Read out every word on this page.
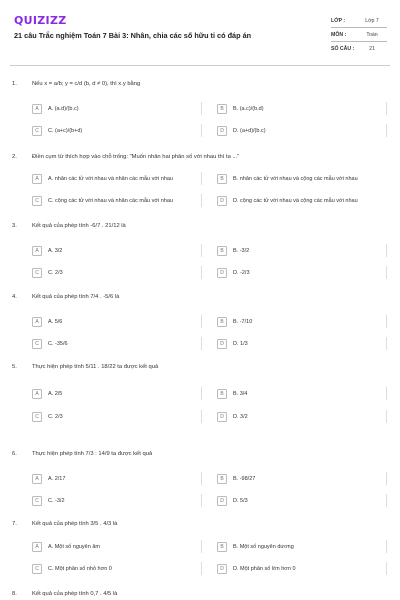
QUIZIZZ
21 câu Trắc nghiệm Toán 7 Bài 3: Nhân, chia các số hữu tỉ có đáp án
LỚP :	Lớp 7
MÔN :	Toán
SỐ CÂU :	21
1.	Nếu x = a/b; y = c/d (b, d ≠ 0), thì x.y bằng
A	A. (a.d)/(b.c)	B	B. (a.c)/(b.d)
C	C. (a+c)/(b+d)	D	D. (a+d)/(b.c)
2.	Điền cụm từ thích hợp vào chỗ trống: "Muốn nhân hai phân số với nhau thì ta ..."
A	A. nhân các tử với nhau và nhân các mẫu với nhau	B	B. nhân các tử với nhau và cộng các mẫu với nhau
C	C. cộng các tử với nhau và nhân các mẫu với nhau	D	D. cộng các tử với nhau và cộng các mẫu với nhau
3.	Kết quả của phép tính -6/7 . 21/12 là
A	A. 3/2	B	B. -3/2
C	C. 2/3	D	D. -2/3
4.	Kết quả của phép tính 7/4 . -5/6 là
A	A. 5/6	B	B. -7/10
C	C. -35/6	D	D. 1/3
5.	Thực hiện phép tính 5/11 . 18/22 ta được kết quả
A	A. 2/5	B	B. 3/4
C	C. 2/3	D	D. 3/2
6.	Thực hiện phép tính 7/3 : 14/9 ta được kết quả
A	A. 2/17	B	B. -98/27
C	C. -3/2	D	D. 5/3
7.	Kết quả của phép tính 3/5 . 4/3 là
A	A. Một số nguyên âm	B	B. Một số nguyên dương
C	C. Một phân số nhỏ hơn 0	D	D. Một phân số lớn hơn 0
8.	Kết quả của phép tính 0,7 . 4/5 là
